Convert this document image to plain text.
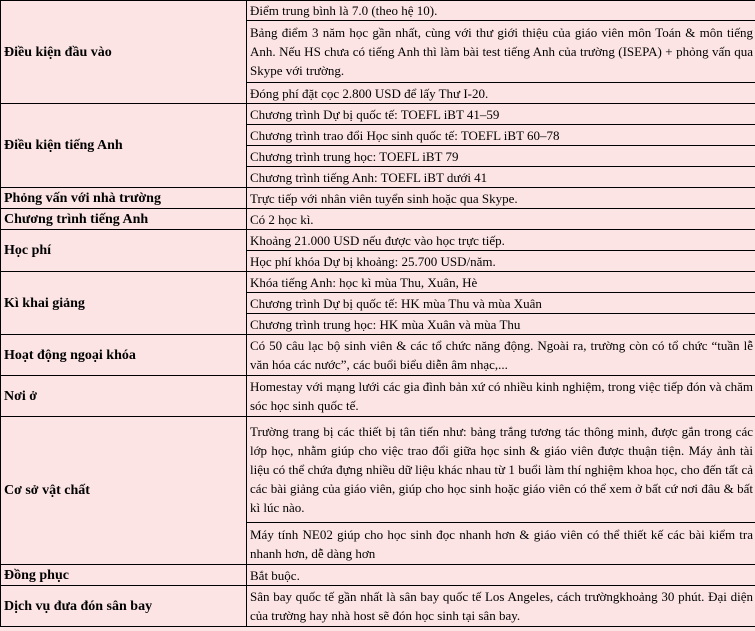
Điều kiện đầu vào	Điểm trung bình là 7.0 (theo hệ 10).
	Bảng điểm 3 năm học gần nhất, cùng với thư giới thiệu của giáo viên môn Toán & môn tiếng Anh. Nếu HS chưa có tiếng Anh thì làm bài test tiếng Anh của trường (ISEPA) + phỏng vấn qua Skype với trường.
	Đóng phí đặt cọc 2.800 USD để lấy Thư I-20.
Điều kiện tiếng Anh	Chương trình Dự bị quốc tế: TOEFL iBT 41–59
	Chương trình trao đổi Học sinh quốc tế: TOEFL iBT 60–78
	Chương trình trung học: TOEFL iBT 79
	Chương trình tiếng Anh: TOEFL iBT dưới 41
Phỏng vấn với nhà trường	Trực tiếp với nhân viên tuyển sinh hoặc qua Skype.
Chương trình tiếng Anh	Có 2 học kì.
Học phí	Khoảng 21.000 USD nếu được vào học trực tiếp.
	Học phí khóa Dự bị khoảng: 25.700 USD/năm.
Kì khai giảng	Khóa tiếng Anh: học kì mùa Thu, Xuân, Hè
	Chương trình Dự bị quốc tế: HK mùa Thu và mùa Xuân
	Chương trình trung học: HK mùa Xuân và mùa Thu
Hoạt động ngoại khóa	Có 50 câu lạc bộ sinh viên & các tổ chức năng động. Ngoài ra, trường còn có tổ chức “tuần lễ văn hóa các nước”, các buổi biểu diễn âm nhạc,...
Nơi ở	Homestay với mạng lưới các gia đình bản xứ có nhiều kinh nghiệm, trong việc tiếp đón và chăm sóc học sinh quốc tế.
Cơ sở vật chất	Trường trang bị các thiết bị tân tiến như: bảng trắng tương tác thông minh, được gắn trong các lớp học, nhằm giúp cho việc trao đổi giữa học sinh & giáo viên được thuận tiện. Máy ảnh tài liệu có thể chứa đựng nhiều dữ liệu khác nhau từ 1 buổi làm thí nghiệm khoa học, cho đến tất cả các bài giảng của giáo viên, giúp cho học sinh hoặc giáo viên có thể xem ở bất cứ nơi đâu & bất kì lúc nào.
	Máy tính NE02 giúp cho học sinh đọc nhanh hơn & giáo viên có thể thiết kế các bài kiểm tra nhanh hơn, dễ dàng hơn
Đồng phục	Bắt buộc.
Dịch vụ đưa đón sân bay	Sân bay quốc tế gần nhất là sân bay quốc tế Los Angeles, cách trườngkhoảng 30 phút. Đại diện của trường hay nhà host sẽ đón học sinh tại sân bay.
